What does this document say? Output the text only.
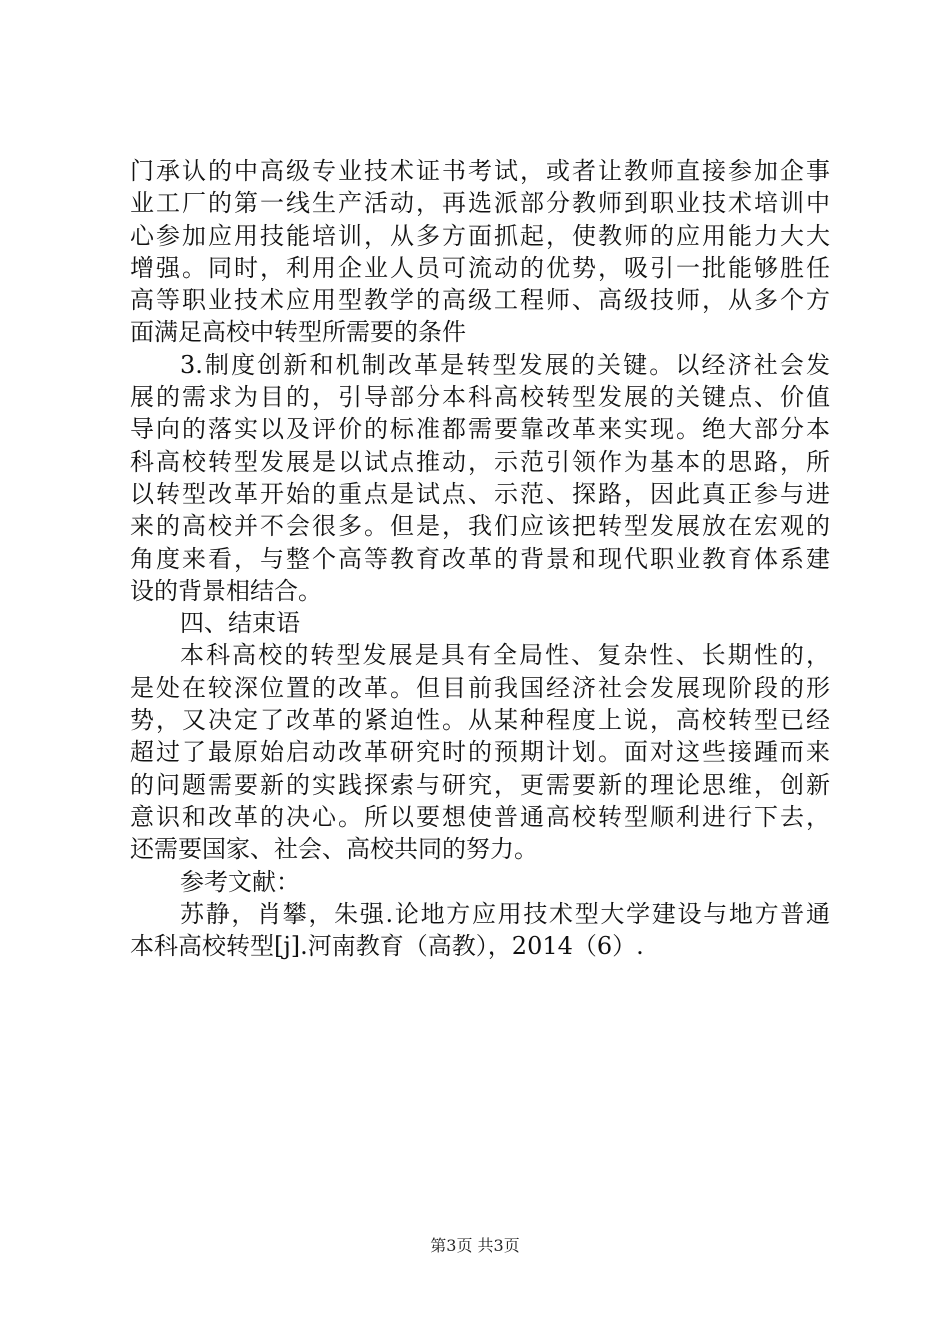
门承认的中高级专业技术证书考试，或者让教师直接参加企事
业工厂的第一线生产活动，再选派部分教师到职业技术培训中
心参加应用技能培训，从多方面抓起，使教师的应用能力大大
增强。同时，利用企业人员可流动的优势，吸引一批能够胜任
高等职业技术应用型教学的高级工程师、高级技师，从多个方
面满足高校中转型所需要的条件
3.制度创新和机制改革是转型发展的关键。以经济社会发
展的需求为目的，引导部分本科高校转型发展的关键点、价值
导向的落实以及评价的标准都需要靠改革来实现。绝大部分本
科高校转型发展是以试点推动，示范引领作为基本的思路，所
以转型改革开始的重点是试点、示范、探路，因此真正参与进
来的高校并不会很多。但是，我们应该把转型发展放在宏观的
角度来看，与整个高等教育改革的背景和现代职业教育体系建
设的背景相结合。
四、结束语
本科高校的转型发展是具有全局性、复杂性、长期性的，
是处在较深位置的改革。但目前我国经济社会发展现阶段的形
势，又决定了改革的紧迫性。从某种程度上说，高校转型已经
超过了最原始启动改革研究时的预期计划。面对这些接踵而来
的问题需要新的实践探索与研究，更需要新的理论思维，创新
意识和改革的决心。所以要想使普通高校转型顺利进行下去，
还需要国家、社会、高校共同的努力。
参考文献：
苏静，肖攀，朱强.论地方应用技术型大学建设与地方普通
本科高校转型[j].河南教育（高教），2014（6）.
第3页 共3页
